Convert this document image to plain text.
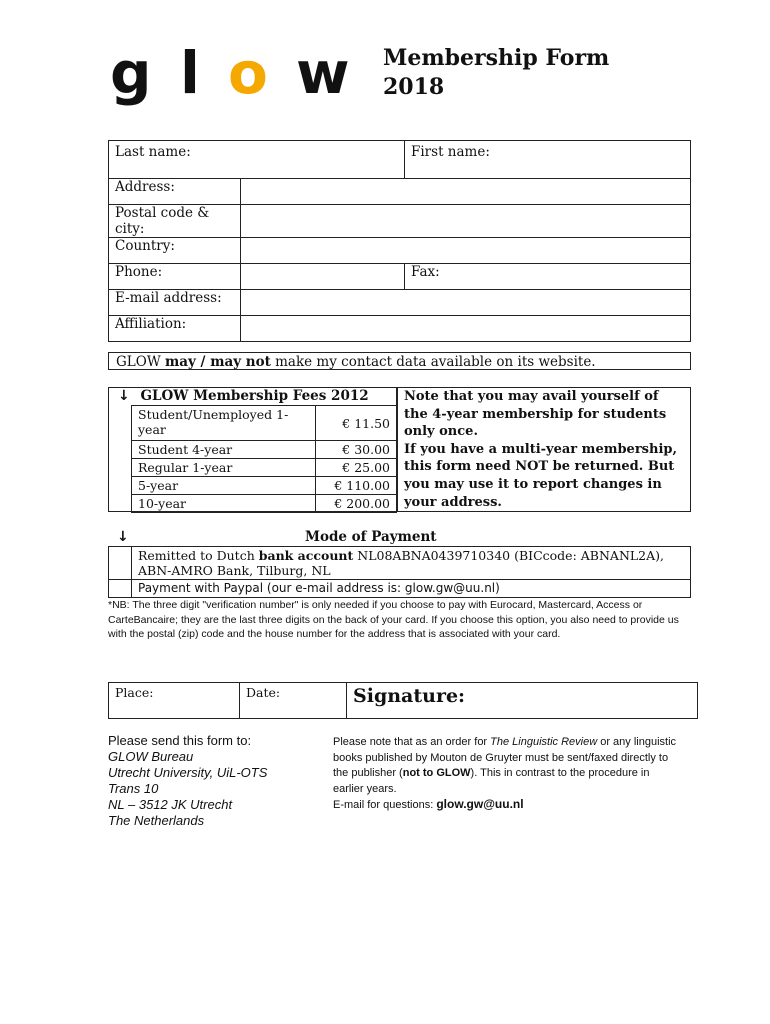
g l o w Membership Form
2018
Last name:		First name:
Address:		
Postal code & city:		
Country:		
Phone:		Fax:
E-mail address:		
Affiliation:		
GLOW may / may not make my contact data available on its website.
↓ GLOW Membership Fees 2012
Student/Unemployed 1-year	€ 11.50
Student 4-year	€ 30.00
Regular 1-year	€ 25.00
5-year	€ 110.00
10-year	€ 200.00
Note that you may avail yourself of the 4-year membership for students only once.
If you have a multi-year membership, this form need NOT be returned. But you may use it to report changes in your address.
↓	Mode of Payment
	Remitted to Dutch bank account NL08ABNA0439710340 (BICcode: ABNANL2A), ABN-AMRO Bank, Tilburg, NL
	Payment with Paypal (our e-mail address is: glow.gw@uu.nl)
*NB: The three digit "verification number" is only needed if you choose to pay with Eurocard, Mastercard, Access or CarteBancaire; they are the last three digits on the back of your card. If you choose this option, you also need to provide us with the postal (zip) code and the house number for the address that is associated with your card.
Place:	Date:	Signature:
Please send this form to:
GLOW Bureau
Utrecht University, UiL-OTS
Trans 10
NL – 3512 JK Utrecht
The Netherlands
Please note that as an order for The Linguistic Review or any linguistic books published by Mouton de Gruyter must be sent/faxed directly to the publisher (not to GLOW). This in contrast to the procedure in earlier years.
E-mail for questions: glow.gw@uu.nl
